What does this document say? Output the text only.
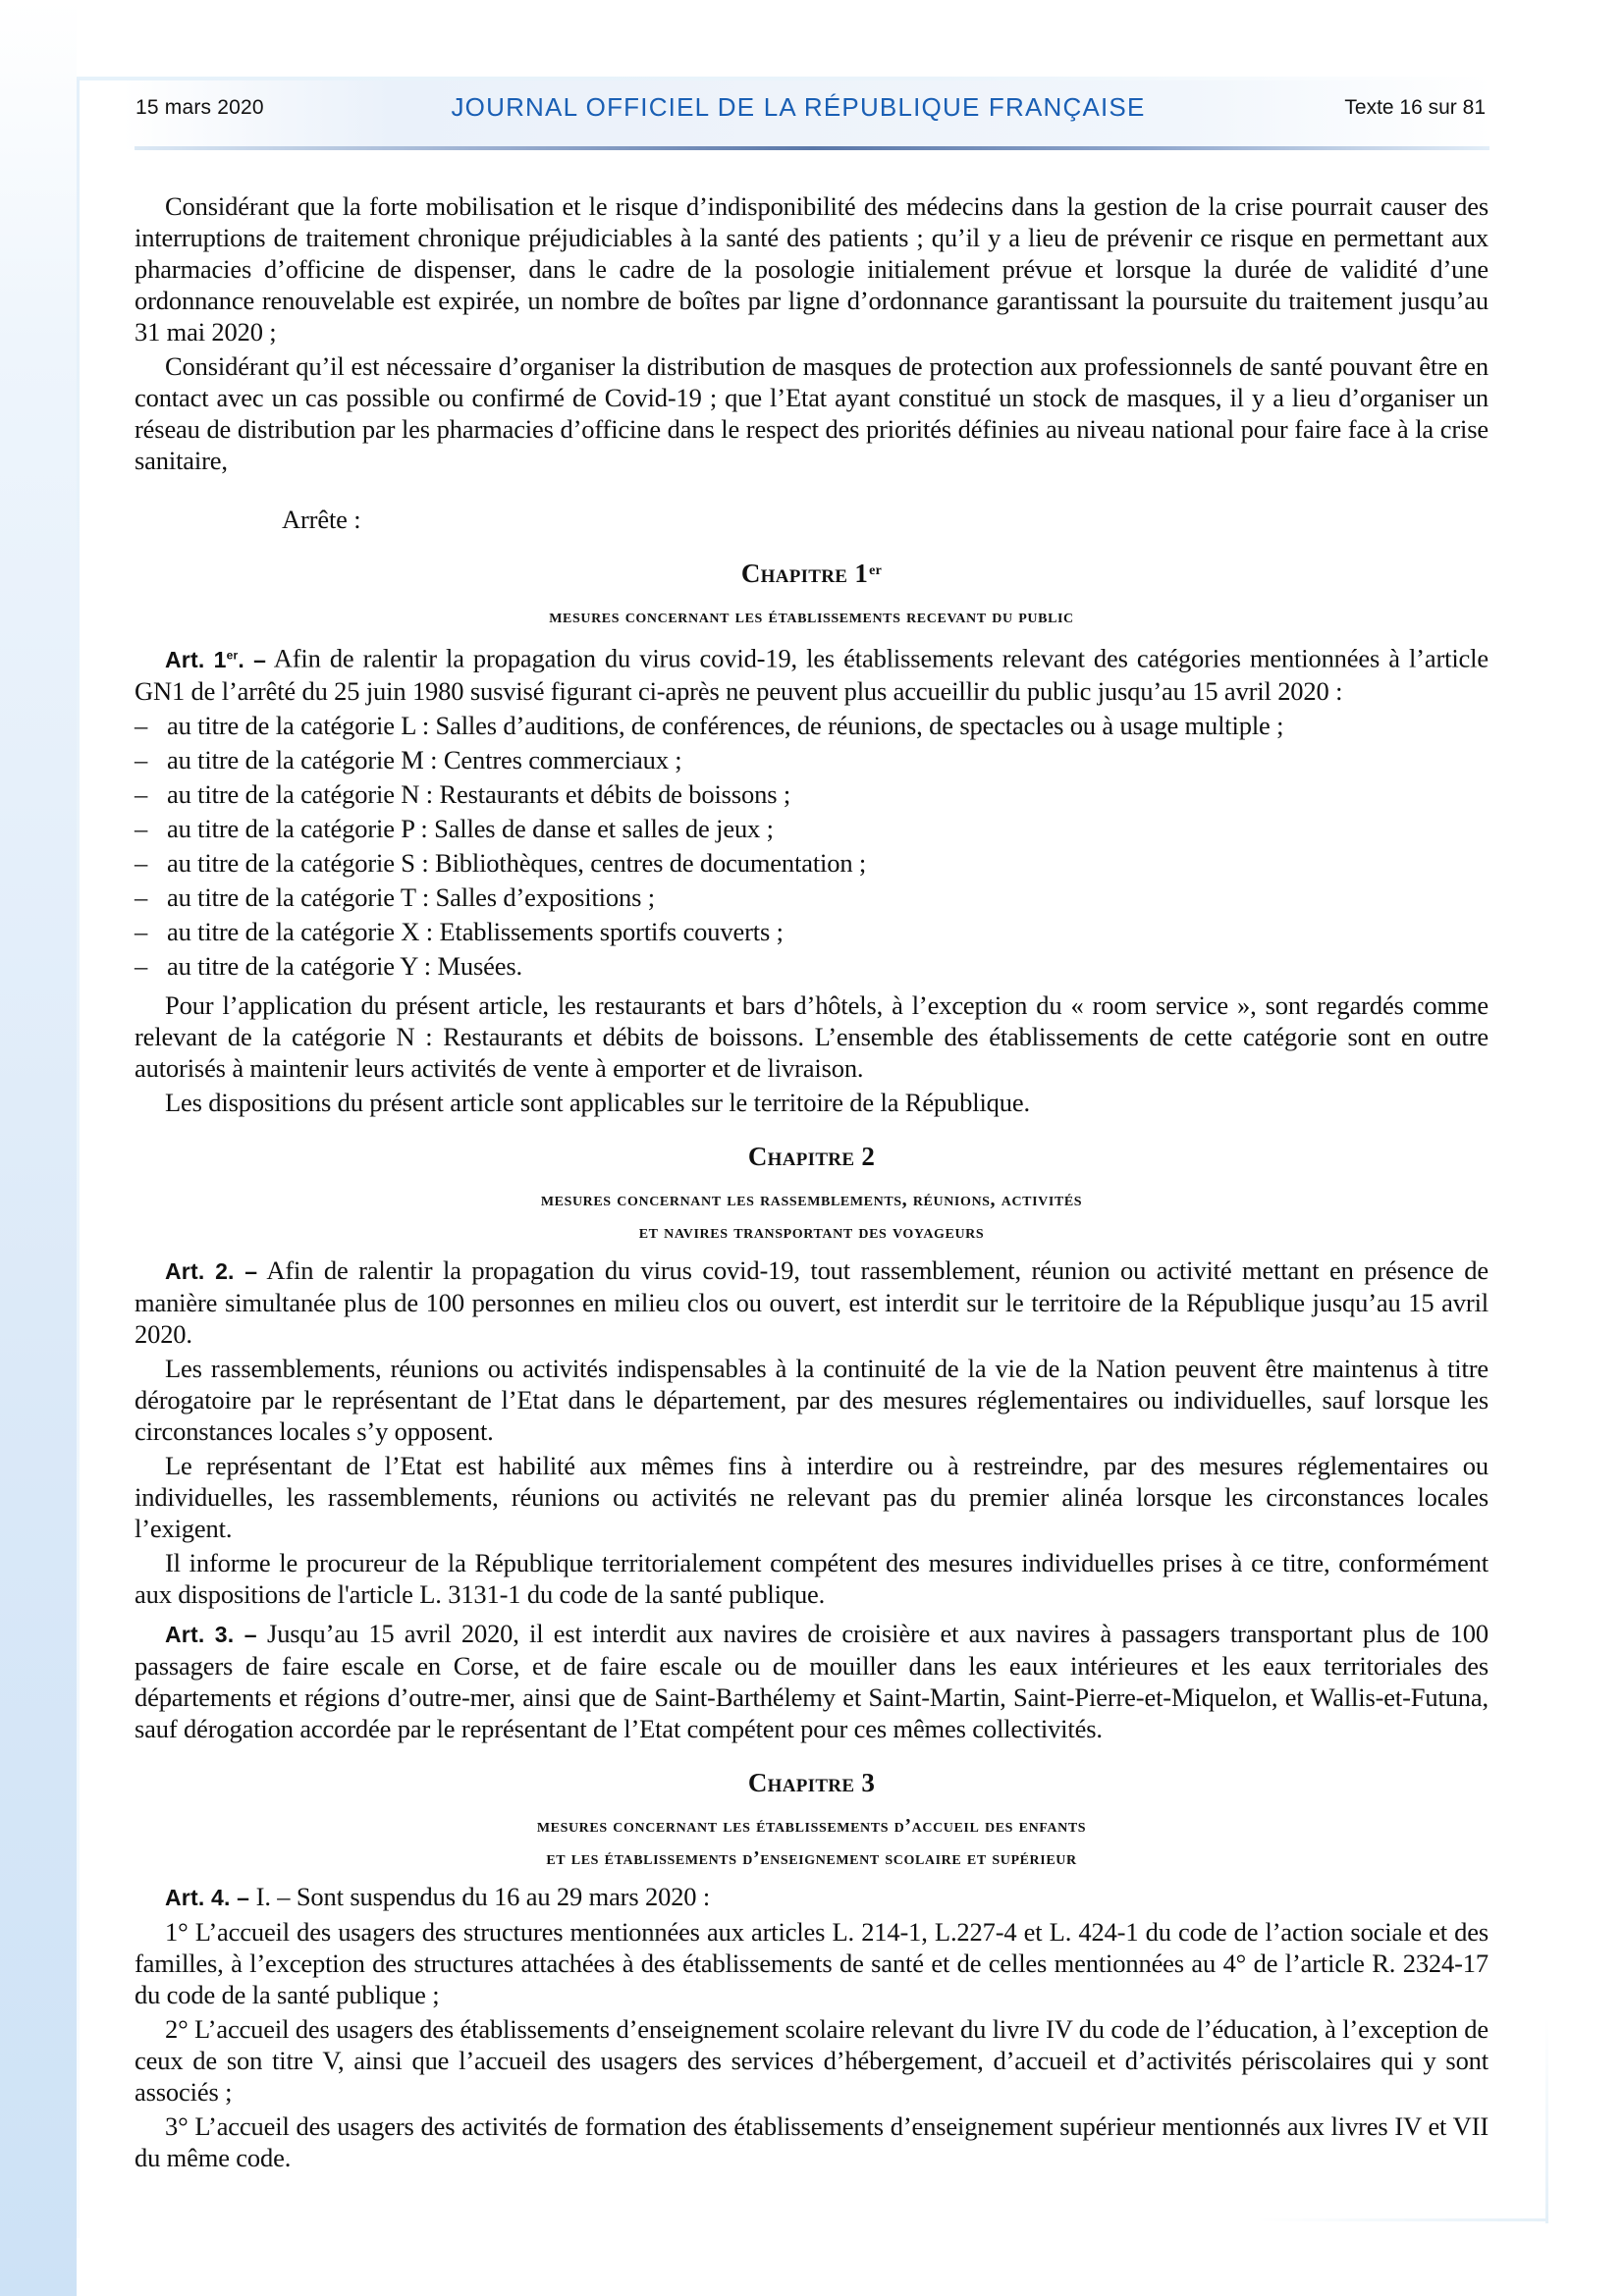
15 mars 2020	JOURNAL OFFICIEL DE LA RÉPUBLIQUE FRANÇAISE	Texte 16 sur 81

Considérant que la forte mobilisation et le risque d’indisponibilité des médecins dans la gestion de la crise pourrait causer des interruptions de traitement chronique préjudiciables à la santé des patients ; qu’il y a lieu de prévenir ce risque en permettant aux pharmacies d’officine de dispenser, dans le cadre de la posologie initialement prévue et lorsque la durée de validité d’une ordonnance renouvelable est expirée, un nombre de boîtes par ligne d’ordonnance garantissant la poursuite du traitement jusqu’au 31 mai 2020 ;

Considérant qu’il est nécessaire d’organiser la distribution de masques de protection aux professionnels de santé pouvant être en contact avec un cas possible ou confirmé de Covid-19 ; que l’Etat ayant constitué un stock de masques, il y a lieu d’organiser un réseau de distribution par les pharmacies d’officine dans le respect des priorités définies au niveau national pour faire face à la crise sanitaire,

Arrête :

Chapitre 1er
mesures concernant les établissements recevant du public

Art. 1er. – Afin de ralentir la propagation du virus covid-19, les établissements relevant des catégories mentionnées à l’article GN1 de l’arrêté du 25 juin 1980 susvisé figurant ci-après ne peuvent plus accueillir du public jusqu’au 15 avril 2020 :

– au titre de la catégorie L : Salles d’auditions, de conférences, de réunions, de spectacles ou à usage multiple ;

– au titre de la catégorie M : Centres commerciaux ;

– au titre de la catégorie N : Restaurants et débits de boissons ;

– au titre de la catégorie P : Salles de danse et salles de jeux ;

– au titre de la catégorie S : Bibliothèques, centres de documentation ;

– au titre de la catégorie T : Salles d’expositions ;

– au titre de la catégorie X : Etablissements sportifs couverts ;

– au titre de la catégorie Y : Musées.

Pour l’application du présent article, les restaurants et bars d’hôtels, à l’exception du « room service », sont regardés comme relevant de la catégorie N : Restaurants et débits de boissons. L’ensemble des établissements de cette catégorie sont en outre autorisés à maintenir leurs activités de vente à emporter et de livraison.

Les dispositions du présent article sont applicables sur le territoire de la République.

Chapitre 2
mesures concernant les rassemblements, réunions, activités
et navires transportant des voyageurs

Art. 2. – Afin de ralentir la propagation du virus covid-19, tout rassemblement, réunion ou activité mettant en présence de manière simultanée plus de 100 personnes en milieu clos ou ouvert, est interdit sur le territoire de la République jusqu’au 15 avril 2020.

Les rassemblements, réunions ou activités indispensables à la continuité de la vie de la Nation peuvent être maintenus à titre dérogatoire par le représentant de l’Etat dans le département, par des mesures réglementaires ou individuelles, sauf lorsque les circonstances locales s’y opposent.

Le représentant de l’Etat est habilité aux mêmes fins à interdire ou à restreindre, par des mesures réglementaires ou individuelles, les rassemblements, réunions ou activités ne relevant pas du premier alinéa lorsque les circonstances locales l’exigent.

Il informe le procureur de la République territorialement compétent des mesures individuelles prises à ce titre, conformément aux dispositions de l'article L. 3131-1 du code de la santé publique.

Art. 3. – Jusqu’au 15 avril 2020, il est interdit aux navires de croisière et aux navires à passagers transportant plus de 100 passagers de faire escale en Corse, et de faire escale ou de mouiller dans les eaux intérieures et les eaux territoriales des départements et régions d’outre-mer, ainsi que de Saint-Barthélemy et Saint-Martin, Saint-Pierre-et-Miquelon, et Wallis-et-Futuna, sauf dérogation accordée par le représentant de l’Etat compétent pour ces mêmes collectivités.

Chapitre 3
mesures concernant les établissements d’accueil des enfants
et les établissements d’enseignement scolaire et supérieur

Art. 4. – I. – Sont suspendus du 16 au 29 mars 2020 :

1° L’accueil des usagers des structures mentionnées aux articles L. 214-1, L.227-4 et L. 424-1 du code de l’action sociale et des familles, à l’exception des structures attachées à des établissements de santé et de celles mentionnées au 4° de l’article R. 2324-17 du code de la santé publique ;

2° L’accueil des usagers des établissements d’enseignement scolaire relevant du livre IV du code de l’éducation, à l’exception de ceux de son titre V, ainsi que l’accueil des usagers des services d’hébergement, d’accueil et d’activités périscolaires qui y sont associés ;

3° L’accueil des usagers des activités de formation des établissements d’enseignement supérieur mentionnés aux livres IV et VII du même code.
